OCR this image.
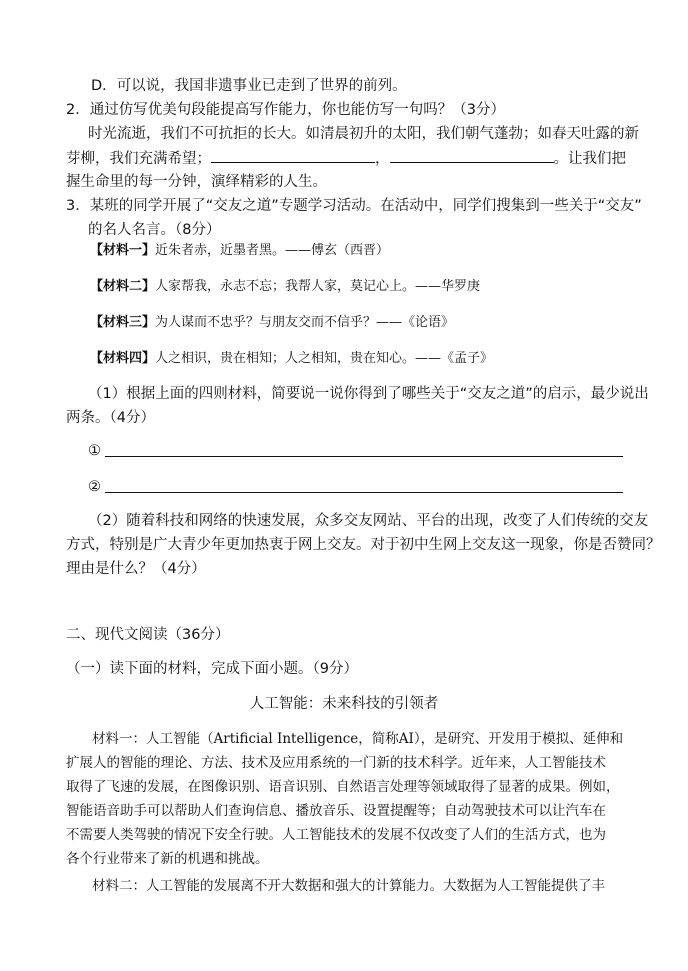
D．可以说，我国非遗事业已走到了世界的前列。
2．通过仿写优美句段能提高写作能力，你也能仿写一句吗？（3分）
时光流逝，我们不可抗拒的长大。如清晨初升的太阳，我们朝气蓬勃；如春天吐露的新
芽柳，我们充满希望；	，	。让我们把
握生命里的每一分钟，演绎精彩的人生。
3．某班的同学开展了“交友之道”专题学习活动。在活动中，同学们搜集到一些关于“交友”
的名人名言。（8分）
【材料一】近朱者赤，近墨者黑。——傅玄（西晋）
【材料二】人家帮我，永志不忘；我帮人家，莫记心上。——华罗庚
【材料三】为人谋而不忠乎？与朋友交而不信乎？——《论语》
【材料四】人之相识，贵在相知；人之相知，贵在知心。——《孟子》
（1）根据上面的四则材料，简要说一说你得到了哪些关于“交友之道”的启示，最少说出
两条。（4分）
①
②
（2）随着科技和网络的快速发展，众多交友网站、平台的出现，改变了人们传统的交友
方式，特别是广大青少年更加热衷于网上交友。对于初中生网上交友这一现象，你是否赞同？
理由是什么？（4分）
二、现代文阅读（36分）
（一）读下面的材料，完成下面小题。（9分）
人工智能：未来科技的引领者
材料一：人工智能（Artificial Intelligence，简称AI），是研究、开发用于模拟、延伸和
扩展人的智能的理论、方法、技术及应用系统的一门新的技术科学。近年来，人工智能技术
取得了飞速的发展，在图像识别、语音识别、自然语言处理等领域取得了显著的成果。例如，
智能语音助手可以帮助人们查询信息、播放音乐、设置提醒等；自动驾驶技术可以让汽车在
不需要人类驾驶的情况下安全行驶。人工智能技术的发展不仅改变了人们的生活方式，也为
各个行业带来了新的机遇和挑战。
材料二：人工智能的发展离不开大数据和强大的计算能力。大数据为人工智能提供了丰
